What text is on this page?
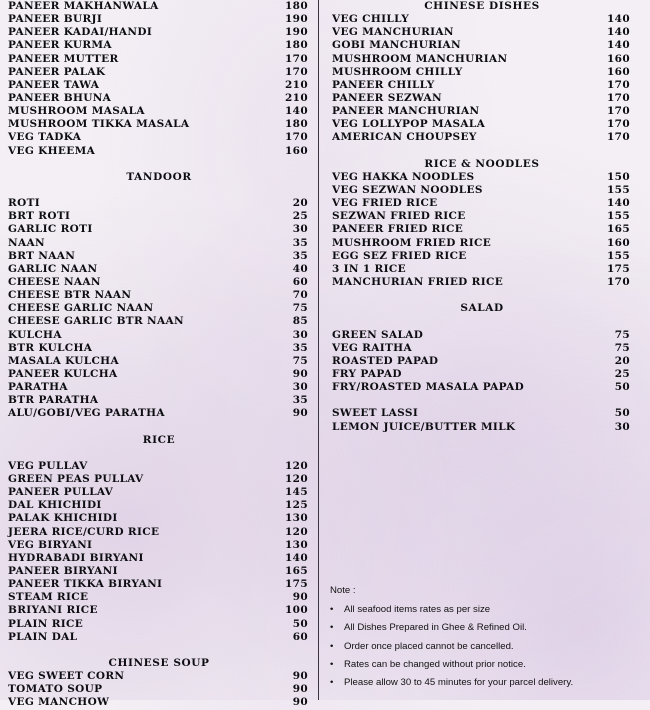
PANEER MAKHANWALA	180
PANEER BURJI	190
PANEER KADAI/HANDI	190
PANEER KURMA	180
PANEER MUTTER	170
PANEER PALAK	170
PANEER TAWA	210
PANEER BHUNA	210
MUSHROOM MASALA	140
MUSHROOM TIKKA MASALA	180
VEG TADKA	170
VEG KHEEMA	160
TANDOOR
ROTI	20
BRT ROTI	25
GARLIC ROTI	30
NAAN	35
BRT NAAN	35
GARLIC NAAN	40
CHEESE NAAN	60
CHEESE BTR NAAN	70
CHEESE GARLIC NAAN	75
CHEESE GARLIC BTR NAAN	85
KULCHA	30
BTR KULCHA	35
MASALA KULCHA	75
PANEER KULCHA	90
PARATHA	30
BTR PARATHA	35
ALU/GOBI/VEG PARATHA	90
RICE
VEG PULLAV	120
GREEN PEAS PULLAV	120
PANEER PULLAV	145
DAL KHICHIDI	125
PALAK KHICHIDI	130
JEERA RICE/CURD RICE	120
VEG BIRYANI	130
HYDRABADI BIRYANI	140
PANEER BIRYANI	165
PANEER TIKKA BIRYANI	175
STEAM RICE	90
BRIYANI RICE	100
PLAIN RICE	50
PLAIN DAL	60
CHINESE SOUP
VEG SWEET CORN	90
TOMATO SOUP	90
VEG MANCHOW	90
CHINESE DISHES
VEG CHILLY	140
VEG MANCHURIAN	140
GOBI MANCHURIAN	140
MUSHROOM MANCHURIAN	160
MUSHROOM CHILLY	160
PANEER CHILLY	170
PANEER SEZWAN	170
PANEER MANCHURIAN	170
VEG LOLLYPOP MASALA	170
AMERICAN CHOUPSEY	170
RICE & NOODLES
VEG HAKKA NOODLES	150
VEG SEZWAN NOODLES	155
VEG FRIED RICE	140
SEZWAN FRIED RICE	155
PANEER FRIED RICE	165
MUSHROOM FRIED RICE	160
EGG SEZ FRIED RICE	155
3 IN 1 RICE	175
MANCHURIAN FRIED RICE	170
SALAD
GREEN SALAD	75
VEG RAITHA	75
ROASTED PAPAD	20
FRY PAPAD	25
FRY/ROASTED MASALA PAPAD	50
SWEET LASSI	50
LEMON JUICE/BUTTER MILK	30
Note :
• All seafood items rates as per size
• All Dishes Prepared in Ghee & Refined Oil.
• Order once placed cannot be cancelled.
• Rates can be changed without prior notice.
• Please allow 30 to 45 minutes for your parcel delivery.
